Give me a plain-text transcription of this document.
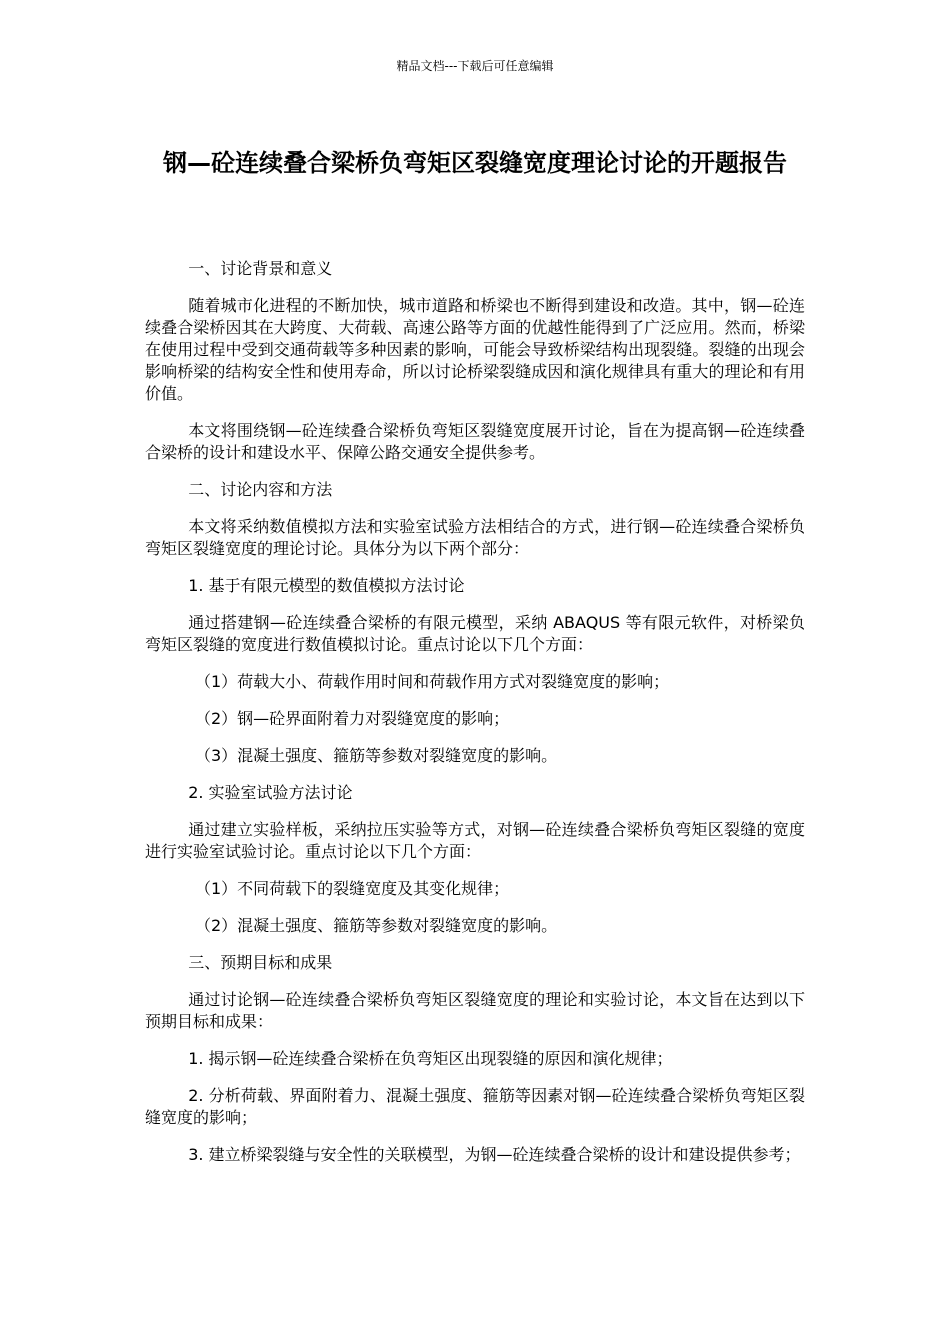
精品文档---下载后可任意编辑
钢—砼连续叠合梁桥负弯矩区裂缝宽度理论讨论的开题报告

一、讨论背景和意义

随着城市化进程的不断加快，城市道路和桥梁也不断得到建设和改造。其中，钢—砼连续叠合梁桥因其在大跨度、大荷载、高速公路等方面的优越性能得到了广泛应用。然而，桥梁在使用过程中受到交通荷载等多种因素的影响，可能会导致桥梁结构出现裂缝。裂缝的出现会影响桥梁的结构安全性和使用寿命，所以讨论桥梁裂缝成因和演化规律具有重大的理论和有用价值。

本文将围绕钢—砼连续叠合梁桥负弯矩区裂缝宽度展开讨论，旨在为提高钢—砼连续叠合梁桥的设计和建设水平、保障公路交通安全提供参考。

二、讨论内容和方法

本文将采纳数值模拟方法和实验室试验方法相结合的方式，进行钢—砼连续叠合梁桥负弯矩区裂缝宽度的理论讨论。具体分为以下两个部分：

1. 基于有限元模型的数值模拟方法讨论

通过搭建钢—砼连续叠合梁桥的有限元模型，采纳 ABAQUS 等有限元软件，对桥梁负弯矩区裂缝的宽度进行数值模拟讨论。重点讨论以下几个方面：

（1）荷载大小、荷载作用时间和荷载作用方式对裂缝宽度的影响；

（2）钢—砼界面附着力对裂缝宽度的影响；

（3）混凝土强度、箍筋等参数对裂缝宽度的影响。

2. 实验室试验方法讨论

通过建立实验样板，采纳拉压实验等方式，对钢—砼连续叠合梁桥负弯矩区裂缝的宽度进行实验室试验讨论。重点讨论以下几个方面：

（1）不同荷载下的裂缝宽度及其变化规律；

（2）混凝土强度、箍筋等参数对裂缝宽度的影响。

三、预期目标和成果

通过讨论钢—砼连续叠合梁桥负弯矩区裂缝宽度的理论和实验讨论，本文旨在达到以下预期目标和成果：

1. 揭示钢—砼连续叠合梁桥在负弯矩区出现裂缝的原因和演化规律；

2. 分析荷载、界面附着力、混凝土强度、箍筋等因素对钢—砼连续叠合梁桥负弯矩区裂缝宽度的影响；

3. 建立桥梁裂缝与安全性的关联模型，为钢—砼连续叠合梁桥的设计和建设提供参考；
